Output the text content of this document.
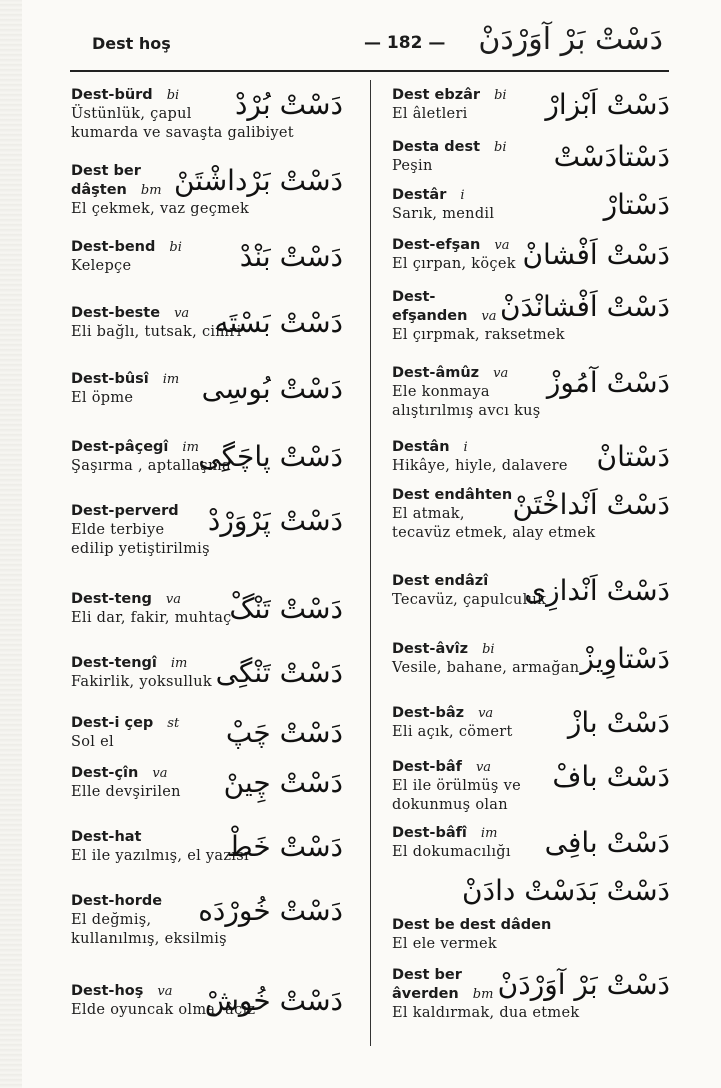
Dest hoş	— 182 — دَسْتْ بَرْ آوَرْدَنْ
دَسْتْ بُرْدْ
Dest-bürd bi
Üstünlük, çapul
kumarda ve savaşta galibiyet
دَسْتْ بَرْداشْتَنْ
Dest ber
dâşten bm
El çekmek, vaz geçmek
دَسْتْ بَنْدْ
Dest-bend bi
Kelepçe
دَسْتْ بَسْتَه
Dest-beste va
Eli bağlı, tutsak, cimri
دَسْتْ بُوسِى
Dest-bûsî im
El öpme
دَسْتْ پاچَگِى
Dest-pâçegî im
Şaşırma , aptallaşma
دَسْتْ پَرْوَرْدْ
Dest-perverd
Elde terbiye
edilip yetiştirilmiş
دَسْتْ تَنْگْ
Dest-teng va
Eli dar, fakir, muhtaç
دَسْتْ تَنْگِى
Dest-tengî im
Fakirlik, yoksulluk
دَسْتْ چَپْ
Dest-i çep st
Sol el
دَسْتْ چِينْ
Dest-çîn va
Elle devşirilen
دَسْتْ خَطْ
Dest-hat
El ile yazılmış, el yazısı
دَسْتْ خُورْدَه
Dest-horde
El değmiş,
kullanılmış, eksilmiş
دَسْتْ خُوشْ
Dest-hoş va
Elde oyuncak olma, âciz
دَسْتْ اَبْزارْ
Dest ebzâr bi
El âletleri
دَسْتادَسْتْ
Desta dest bi
Peşin
دَسْتارْ
Destâr i
Sarık, mendil
دَسْتْ اَفْشانْ
Dest-efşan va
El çırpan, köçek
دَسْتْ اَفْشانْدَنْ
Dest-
efşanden va
El çırpmak, raksetmek
دَسْتْ آمُوزْ
Dest-âmûz va
Ele konmaya
alıştırılmış avcı kuş
دَسْتانْ
Destân i
Hikâye, hiyle, dalavere
دَسْتْ اَنْداخْتَنْ
Dest endâhten
El atmak,
tecavüz etmek, alay etmek
دَسْتْ اَنْدازِى
Dest endâzî
Tecavüz, çapulculuk
دَسْتاوِيزْ
Dest-âvîz bi
Vesile, bahane, armağan
دَسْتْ بازْ
Dest-bâz va
Eli açık, cömert
دَسْتْ بافْ
Dest-bâf va
El ile örülmüş ve
dokunmuş olan
دَسْتْ بافِى
Dest-bâfî im
El dokumacılığı
دَسْتْ بَدَسْتْ دادَنْ
Dest be dest dâden
El ele vermek
دَسْتْ بَرْ آوَرْدَنْ
Dest ber
âverden bm
El kaldırmak, dua etmek
